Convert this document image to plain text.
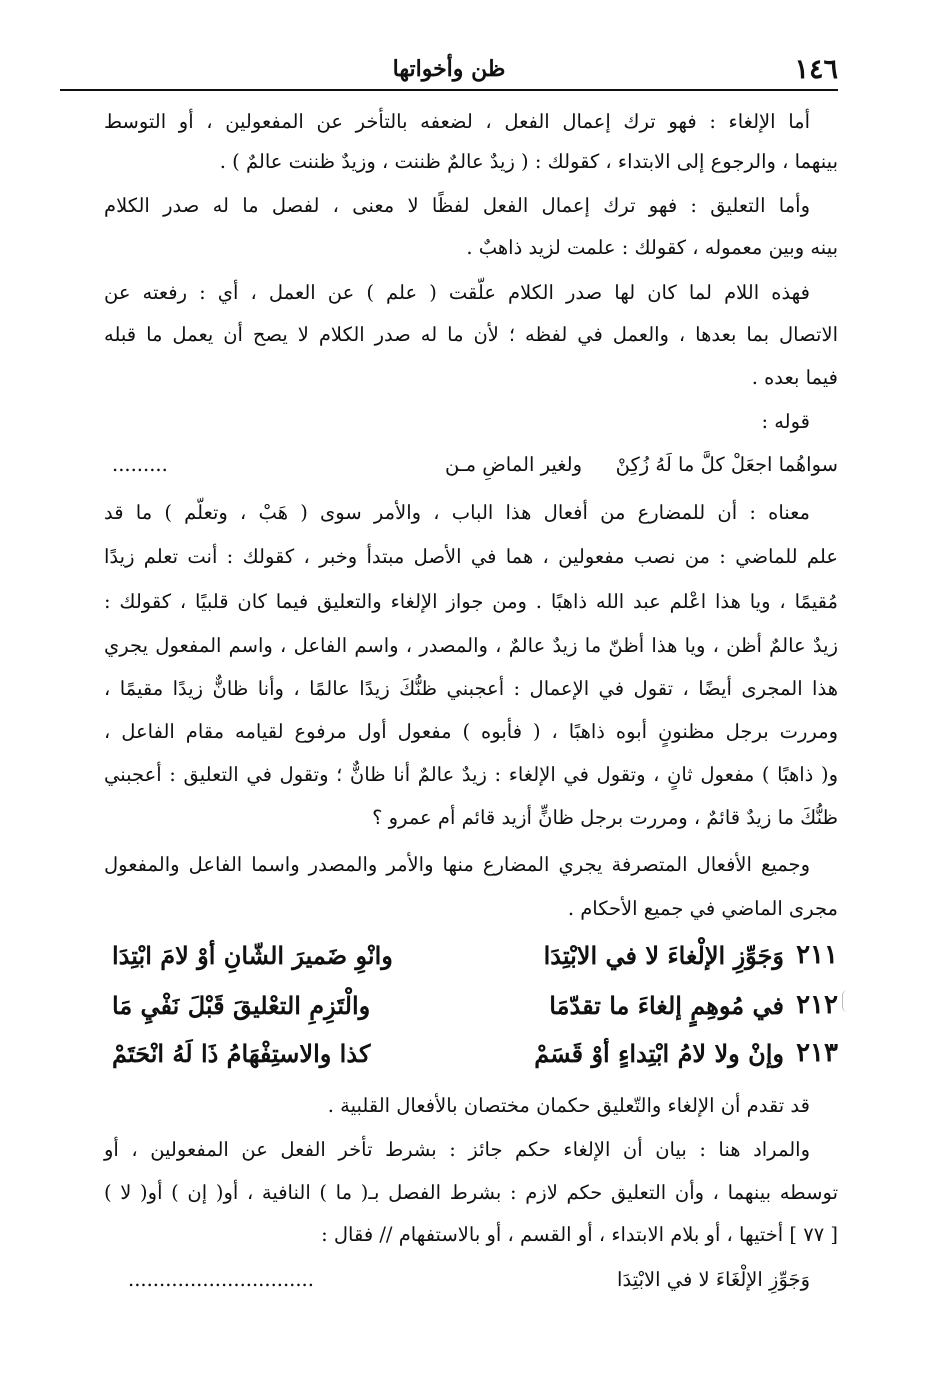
١٤٦
ظن وأخواتها
أما الإلغاء : فهو ترك إعمال الفعل ، لضعفه بالتأخر عن المفعولين ، أو التوسط
بينهما ، والرجوع إلى الابتداء ، كقولك : ( زيدٌ عالمٌ ظننت ، وزيدٌ ظننت عالمٌ ) .
وأما التعليق : فهو ترك إعمال الفعل لفظًا لا معنى ، لفصل ما له صدر الكلام
بينه وبين معموله ، كقولك : علمت لزيد ذاهبٌ .
فهذه اللام لما كان لها صدر الكلام علّقت ( علم ) عن العمل ، أي : رفعته عن
الاتصال بما بعدها ، والعمل في لفظه ؛ لأن ما له صدر الكلام لا يصح أن يعمل ما قبله
فيما بعده .
قوله :
سواهُما اجعَلْ كلَّ ما لَهُ زُكِنْ
ولغير الماضِ مـن
.........
معناه : أن للمضارع من أفعال هذا الباب ، والأمر سوى ( هَبْ ، وتعلّم ) ما قد
علم للماضي : من نصب مفعولين ، هما في الأصل مبتدأ وخبر ، كقولك : أنت تعلم زيدًا
مُقيمًا ، ويا هذا اعْلم عبد الله ذاهبًا . ومن جواز الإلغاء والتعليق فيما كان قلبيًا ، كقولك :
زيدٌ عالمٌ أظن ، ويا هذا أظنّ ما زيدٌ عالمٌ ، والمصدر ، واسم الفاعل ، واسم المفعول يجري
هذا المجرى أيضًا ، تقول في الإعمال : أعجبني ظنُّكَ زيدًا عالمًا ، وأنا ظانٌّ زيدًا مقيمًا ،
ومررت برجل مظنونٍ أبوه ذاهبًا ، ( فأبوه ) مفعول أول مرفوع لقيامه مقام الفاعل ،
و( ذاهبًا ) مفعول ثانٍ ، وتقول في الإلغاء : زيدٌ عالمٌ أنا ظانٌّ ؛ وتقول في التعليق : أعجبني
ظنُّكَ ما زيدٌ قائمٌ ، ومررت برجل ظانٍّ أزيد قائم أم عمرو ؟
وجميع الأفعال المتصرفة يجري المضارع منها والأمر والمصدر واسما الفاعل والمفعول
مجرى الماضي في جميع الأحكام .
٢١١
وَجَوِّزِ الإلْغاءَ لا في الابْتِدَا
وانْوِ ضَميرَ الشّانِ أوْ لامَ ابْتِدَا
٢١٢
في مُوهِمٍ إلغاءَ ما تقدّمَا
والْتَزِمِ التعْليقَ قَبْلَ نَفْيِ مَا
٢١٣
وإنْ ولا لامُ ابْتِداءٍ أوْ قَسَمْ
كذا والاستِفْهَامُ ذَا لَهُ انْحَتَمْ
قد تقدم أن الإلغاء والتّعليق حكمان مختصان بالأفعال القلبية .
والمراد هنا : بيان أن الإلغاء حكم جائز : بشرط تأخر الفعل عن المفعولين ، أو
توسطه بينهما ، وأن التعليق حكم لازم : بشرط الفصل بـ( ما ) النافية ، أو( إن ) أو( لا )
[ ٧٧ ] أختيها ، أو بلام الابتداء ، أو القسم ، أو بالاستفهام // فقال :
وَجَوِّزِ الإلْغَاءَ لا في الابْتِدَا
..............................
